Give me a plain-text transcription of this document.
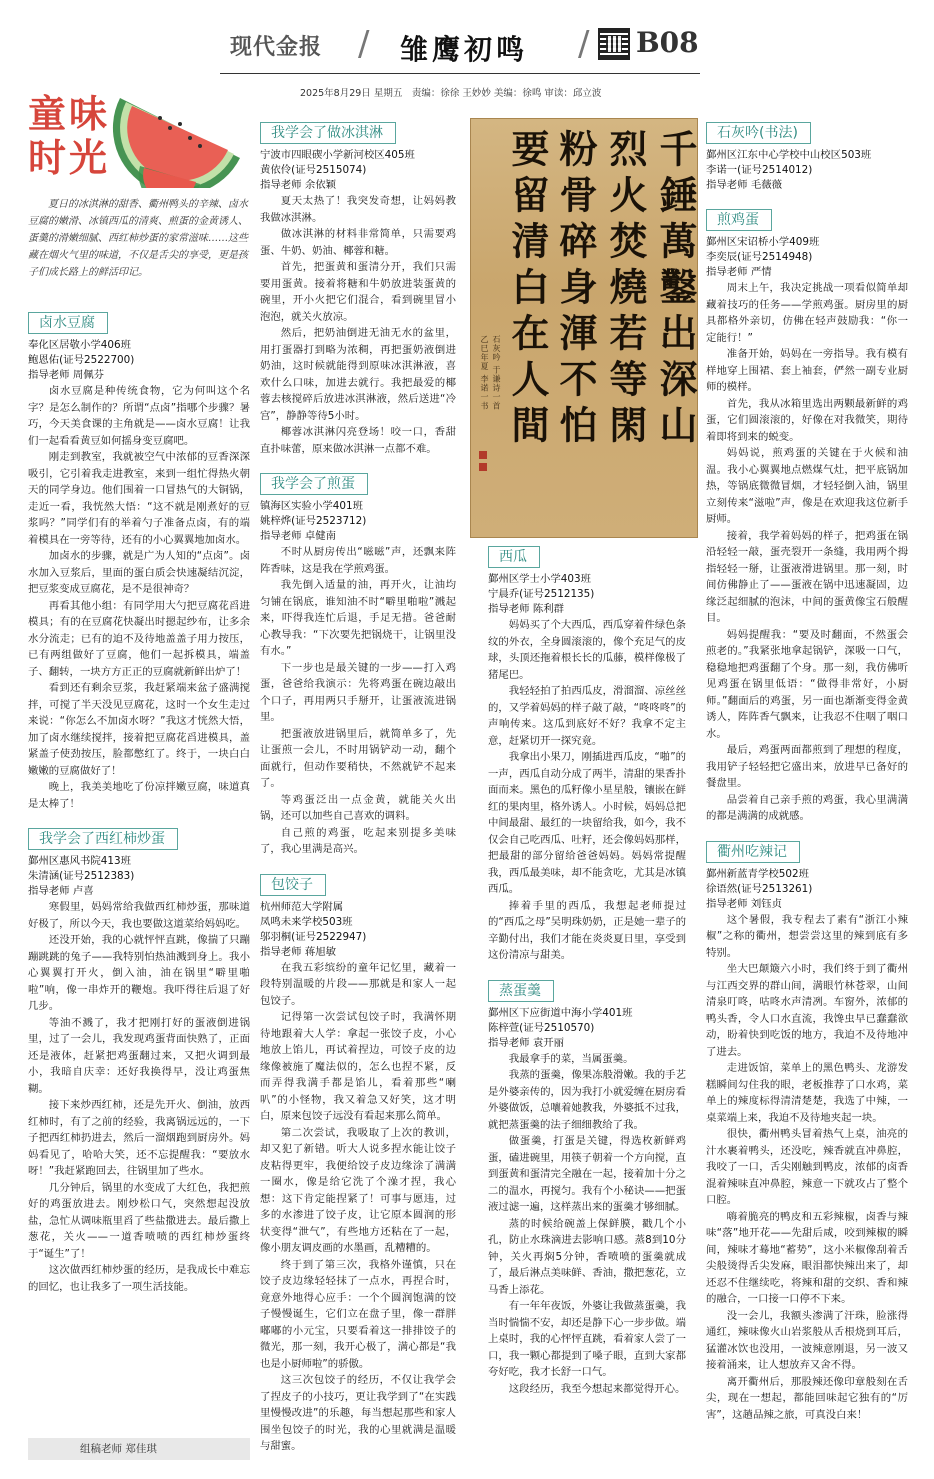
现代金报 / 雏鹰初鸣 / B08
2025年8月29日 星期五　责编：徐徐 王妙妙 美编：徐鸣 审读：邱立波
童味
时光
夏日的冰淇淋的甜香、衢州鸭头的辛辣、卤水豆腐的嫩滑、冰镇西瓜的清爽、煎蛋的金黄诱人、蛋羹的滑嫩细腻、西红柿炒蛋的家常滋味……这些藏在烟火气里的味道，不仅是舌尖的享受，更是孩子们成长路上的鲜活印记。
卤水豆腐
奉化区居敬小学406班
鲍恩佑(证号2522700)
指导老师 周佩芬

卤水豆腐是种传统食物，它为何叫这个名字？是怎么制作的？所谓“点卤”指哪个步骤？暑巧，今天美食课的主角就是——卤水豆腐！让我们一起看看黄豆如何摇身变豆腐吧。

刚走到教室，我就被空气中浓郁的豆香深深吸引，它引着我走进教室，来到一组忙得热火朝天的同学身边。他们围着一口冒热气的大铜锅，走近一看，我恍然大悟：“这不就是刚煮好的豆浆吗？”同学们有的举着勺子准备点卤，有的端着模具在一旁等待，还有的小心翼翼地加卤水。

加卤水的步骤，就是广为人知的“点卤”。卤水加入豆浆后，里面的蛋白质会快速凝结沉淀，把豆浆变成豆腐花，是不是很神奇？

再看其他小组：有同学用大勺把豆腐花舀进模具；有的在豆腐花快凝出时摁起纱布，让多余水分流走；已有的迫不及待地盖盖子用力按压，已有两组做好了豆腐，他们一起拆模具，端盖子、翻转，一块方方正正的豆腐就新鲜出炉了！

看到还有剩余豆浆，我赶紧端来盆子盛满搅拌，可搅了半天没见豆腐花，这时一个女生走过来说：“你怎么不加卤水呀？”我这才恍然大悟，加了卤水继续搅拌，接着把豆腐花舀进模具，盖紧盖子使劲按压，脸都憋红了。终于，一块白白嫩嫩的豆腐做好了！

晚上，我美美地吃了份凉拌嫩豆腐，味道真是太棒了！

我学会了西红柿炒蛋
鄞州区惠风书院413班
朱清涵(证号2512383)
指导老师 卢喜

寒假里，妈妈常给我做西红柿炒蛋，那味道好极了，所以今天，我也要做这道菜给妈妈吃。

还没开始，我的心就怦怦直跳，像揣了只蹦蹦跳跳的兔子——我特别怕热油溅到身上。我小心翼翼打开火，倒入油，油在锅里“噼里啪啦”响，像一串炸开的鞭炮。我吓得往后退了好几步。

等油不溅了，我才把刚打好的蛋液倒进锅里，过了一会儿，我发现鸡蛋背面快熟了，正面还是液体，赶紧把鸡蛋翻过来，又把火调到最小，我暗自庆幸：还好我换得早，没让鸡蛋焦糊。

接下来炒西红柿，还是先开火、倒油，放西红柿时，有了之前的经验，我离锅远远的，一下子把西红柿扔进去，然后一溜烟跑到厨房外。妈妈看见了，哈哈大笑，还不忘提醒我：“要放水呀！”我赶紧跑回去，往锅里加了些水。

几分钟后，锅里的水变成了大红色，我把煎好的鸡蛋放进去。刚炒松口气，突然想起没放盐，急忙从调味瓶里舀了些盐撒进去。最后撒上葱花，关火——一道香喷喷的西红柿炒蛋终于“诞生”了！

这次做西红柿炒蛋的经历，是我成长中难忘的回忆，也让我多了一项生活技能。

组稿老师 郑佳琪
我学会了做冰淇淋
宁波市四眼碶小学新河校区405班
黄依伶(证号2515074)
指导老师 余依颖

夏天太热了！我突发奇想，让妈妈教我做冰淇淋。

做冰淇淋的材料非常简单，只需要鸡蛋、牛奶、奶油、椰蓉和糖。

首先，把蛋黄和蛋清分开，我们只需要用蛋黄。接着将糖和牛奶放进装蛋黄的碗里，开小火把它们混合，看到碗里冒小泡泡，就关火放凉。

然后，把奶油倒进无油无水的盆里，用打蛋器打到略为浓稠，再把蛋奶液倒进奶油，这时候就能得到原味冰淇淋液，喜欢什么口味，加进去就行。我把最爱的椰蓉去核搅碎后放进冰淇淋液，然后送进“冷宫”，静静等待5小时。

椰蓉冰淇淋闪亮登场！咬一口，香甜直扑味蕾，原来做冰淇淋一点都不难。

我学会了煎蛋
镇海区实验小学401班
姚梓烨(证号2523712)
指导老师 卓健南

不时从厨房传出“嗞嗞”声，还飘来阵阵香味，这是我在学煎鸡蛋。

我先倒入适量的油，再开火，让油均匀铺在锅底，谁知油不时“噼里啪啦”溅起来，吓得我连忙后退，手足无措。爸爸耐心教导我：“下次要先把锅烧干，让锅里没有水。”

下一步也是最关键的一步——打入鸡蛋，爸爸给我演示：先将鸡蛋在碗边敲出个口子，再用两只手掰开，让蛋液流进锅里。

把蛋液放进锅里后，就简单多了，先让蛋煎一会儿，不时用锅铲动一动，翻个面就行，但动作要稍快，不然就铲不起来了。

等鸡蛋泛出一点金黄，就能关火出锅，还可以加些自己喜欢的调料。

自己煎的鸡蛋，吃起来别提多美味了，我心里满是高兴。

包饺子
杭州师范大学附属
凤鸣未来学校503班
邬羽桐(证号2522947)
指导老师 蒋旭敏

在我五彩缤纷的童年记忆里，藏着一段特别温暖的片段——那就是和家人一起包饺子。

记得第一次尝试包饺子时，我满怀期待地跟着大人学：拿起一张饺子皮，小心地放上馅儿，再试着捏边，可饺子皮的边缘像被施了魔法似的，怎么也捏不紧，反而弄得我满手都是馅儿，看着那些“喇叭”的小怪物，我又着急又好笑，这才明白，原来包饺子远没有看起来那么简单。

第二次尝试，我吸取了上次的教训，却又犯了新错。听大人说多捏水能让饺子皮粘得更牢，我便给饺子皮边缘涂了满满一圈水，像是给它洗了个澡才捏，我心想：这下肯定能捏紧了！可事与愿违，过多的水渗进了饺子皮，让它原本圆润的形状变得“泄气”，有些地方还粘在了一起，像小朋友调皮画的水墨画，乱糟糟的。

终于到了第三次，我格外谨慎，只在饺子皮边缘轻轻抹了一点水，再捏合时，竟意外地得心应手：一个个圆润饱满的饺子慢慢诞生，它们立在盘子里，像一群胖嘟嘟的小元宝，只要看着这一排排饺子的微光，那一刻，我开心极了，满心都是“我也是小厨师啦”的骄傲。

这三次包饺子的经历，不仅让我学会了捏皮子的小技巧，更让我学到了“在实践里慢慢改进”的乐趣，每当想起那些和家人围坐包饺子的时光，我的心里就满是温暖与甜蜜。

千錘萬鑿出深山
烈火焚燒若等閑
粉骨碎身渾不怕
要留清白在人間
石灰吟 于谦诗一首
乙巳年夏 李诺一书
西瓜
鄞州区学士小学403班
宁晨乔(证号2512135)
指导老师 陈利群

妈妈买了个大西瓜，西瓜穿着件绿色条纹的外衣，全身圆滚滚的，像个充足气的皮球，头顶还拖着根长长的瓜藤，模样像极了猪尾巴。

我轻轻拍了拍西瓜皮，滑溜溜、凉丝丝的，又学着妈妈的样子敲了敲，“咚咚咚”的声响传来。这瓜到底好不好？我拿不定主意，赶紧切开一探究竟。

我拿出小果刀，刚插进西瓜皮，“啪”的一声，西瓜自动分成了两半，清甜的果香扑面而来。黑色的瓜籽像小星星般，镶嵌在鲜红的果肉里，格外诱人。小时候，妈妈总把中间最甜、最红的一块留给我，如今，我不仅会自己吃西瓜、吐籽，还会像妈妈那样，把最甜的部分留给爸爸妈妈。妈妈常提醒我，西瓜最美味，却不能贪吃，尤其是冰镇西瓜。

捧着手里的西瓜，我想起老师提过的“西瓜之母”吴明珠奶奶，正是她一辈子的辛勤付出，我们才能在炎炎夏日里，享受到这份清凉与甜美。

蒸蛋羹
鄞州区下应街道中海小学401班
陈梓萱(证号2510570)
指导老师 袁开丽

我最拿手的菜，当属蛋羹。

我蒸的蛋羹，像果冻般滑嫩。我的手艺是外婆亲传的，因为我打小就爱缠在厨房看外婆做饭，总嚷着她教我，外婆抵不过我，就把蒸蛋羹的法子细细教给了我。

做蛋羹，打蛋是关键，得选枚新鲜鸡蛋，磕进碗里，用筷子朝着一个方向搅，直到蛋黄和蛋清完全融在一起，接着加十分之二的温水，再搅匀。我有个小秘诀——把蛋液过滤一遍，这样蒸出来的蛋羹才够细腻。

蒸的时候给碗盖上保鲜膜，戳几个小孔，防止水珠滴进去影响口感。蒸8到10分钟，关火再焖5分钟，香喷喷的蛋羹就成了，最后淋点美味鲜、香油，撒把葱花，立马香上添花。

有一年年夜饭，外婆让我做蒸蛋羹，我当时惴惴不安，却还是静下心一步步做。端上桌时，我的心怦怦直跳，看着家人尝了一口，我一颗心都提到了嗓子眼，直到大家都夸好吃，我才长舒一口气。

这段经历，我至今想起来都觉得开心。

石灰吟(书法)
鄞州区江东中心学校中山校区503班
李诺一(证号2514012)
指导老师 毛薇薇
煎鸡蛋
鄞州区宋诏桥小学409班
李奕辰(证号2514948)
指导老师 严情

周末上午，我决定挑战一项看似简单却藏着技巧的任务——学煎鸡蛋。厨房里的厨具都格外亲切，仿佛在轻声鼓励我：“你一定能行！”

准备开始，妈妈在一旁指导。我有模有样地穿上围裙、套上袖套，俨然一副专业厨师的模样。

首先，我从冰箱里选出两颗最新鲜的鸡蛋，它们圆滚滚的，好像在对我微笑，期待着即将到来的蜕变。

妈妈说，煎鸡蛋的关键在于火候和油温。我小心翼翼地点燃煤气灶，把平底锅加热，等锅底微微冒烟，才轻轻倒入油，锅里立刻传来“滋啦”声，像是在欢迎我这位新手厨师。

接着，我学着妈妈的样子，把鸡蛋在锅沿轻轻一敲，蛋壳裂开一条缝，我用两个拇指轻轻一掰，让蛋液滑进锅里。那一刻，时间仿佛静止了——蛋液在锅中迅速凝固，边缘泛起细腻的泡沫，中间的蛋黄像宝石般醒目。

妈妈提醒我：“要及时翻面，不然蛋会煎老的。”我紧张地拿起锅铲，深吸一口气，稳稳地把鸡蛋翻了个身。那一刻，我仿佛听见鸡蛋在锅里低语：“做得非常好，小厨师。”翻面后的鸡蛋，另一面也渐渐变得金黄诱人，阵阵香气飘来，让我忍不住咽了咽口水。

最后，鸡蛋两面都煎到了理想的程度，我用铲子轻轻把它盛出来，放进早已备好的餐盘里。

品尝着自己亲手煎的鸡蛋，我心里满满的都是满满的成就感。

衢州吃辣记
鄞州新蓝青学校502班
徐语然(证号2513261)
指导老师 刘钰贞

这个暑假，我专程去了素有“浙江小辣椒”之称的衢州，想尝尝这里的辣到底有多特别。

坐大巴颠簸六小时，我们终于到了衢州与江西交界的群山间，满眼竹林苍翠，山间清泉叮咚，咕咚水声清冽。车窗外，浓郁的鸭头香，令人口水直流，我馋虫早已蠢蠢欲动，盼着快到吃饭的地方，我迫不及待地冲了进去。

走进饭馆，菜单上的黑色鸭头、龙游发糕瞬间勾住我的眼，老板推荐了口水鸡，菜单上的辣度标得清清楚楚，我选了中辣，一桌菜端上来，我迫不及待地夹起一块。

很快，衢州鸭头冒着热气上桌，油亮的汁水裹着鸭头，还没吃，辣香就直冲鼻腔，我咬了一口，舌尖刚触到鸭皮，浓郁的卤香混着辣味直冲鼻腔，辣意一下就攻占了整个口腔。

嗨着脆亮的鸭皮和五彩辣椒，卤香与辣味“落”地开花——先甜后咸，咬到辣椒的瞬间，辣味才蓦地“蓄势”，这小米椒像刮着舌尖般烫得舌尖发麻，眼泪都快辣出来了，却还忍不住继续吃，将辣和甜的交织、香和辣的融合，一口接一口停不下来。

没一会儿，我额头渗满了汗珠，脸涨得通红，辣味像火山岩浆般从舌根烧到耳后，猛灌冰饮也没用，一波辣意刚退，另一波又接着涌来，让人想放弃又舍不得。

离开衢州后，那股辣还像印章般刻在舌尖，现在一想起，都能回味起它独有的“厉害”，这趟品辣之旅，可真没白来！
